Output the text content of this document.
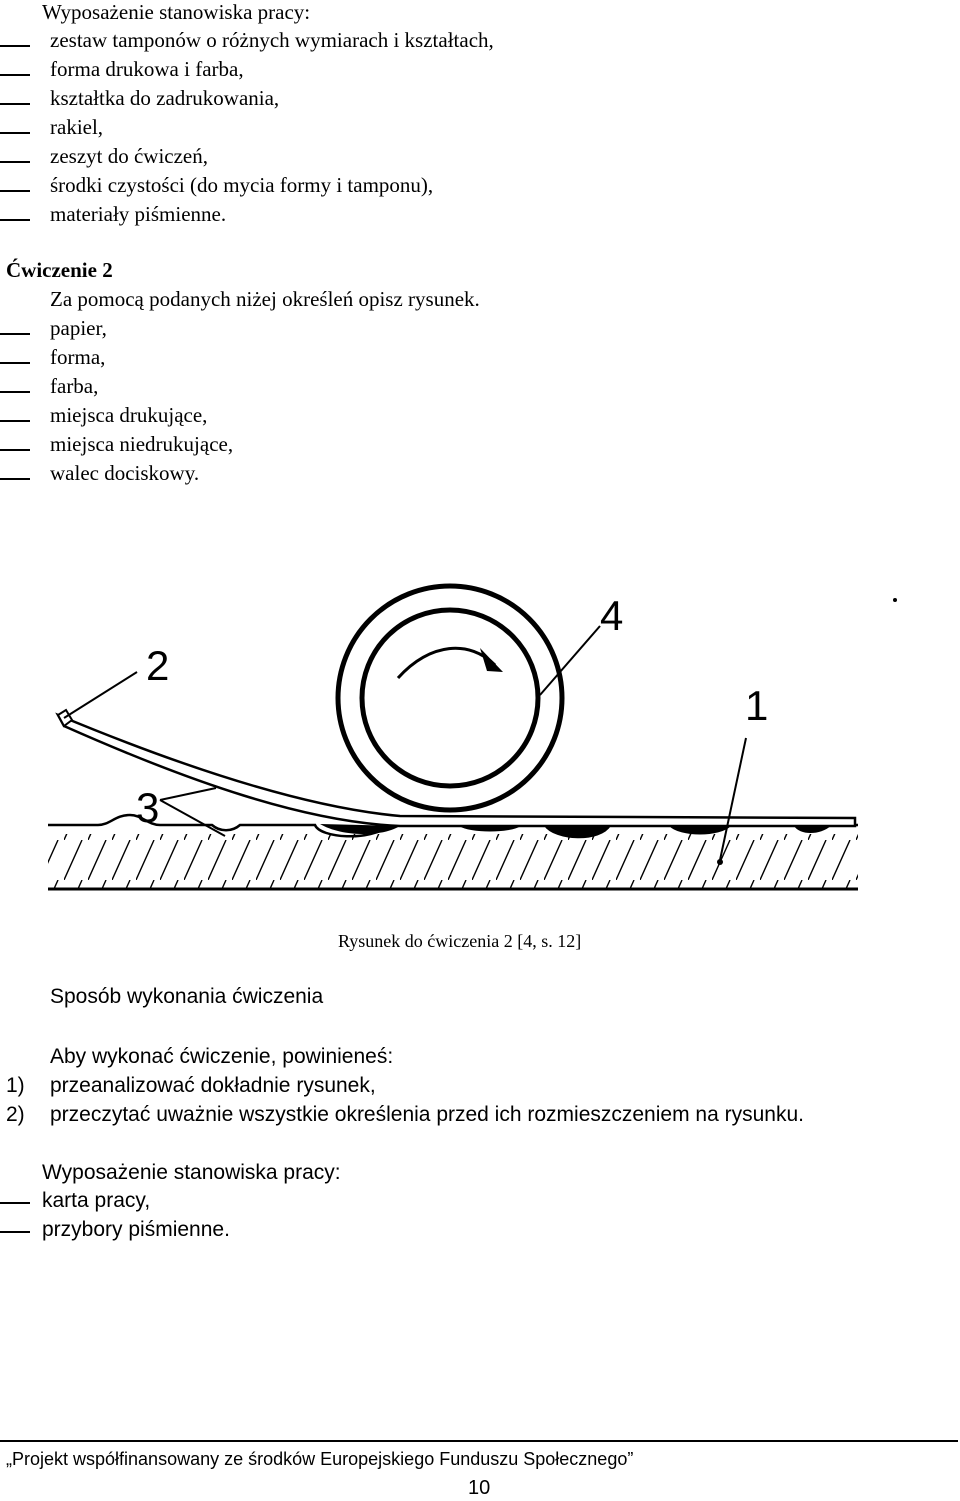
Wyposażenie stanowiska pracy:
zestaw tamponów o różnych wymiarach i kształtach,
forma drukowa i farba,
kształtka do zadrukowania,
rakiel,
zeszyt do ćwiczeń,
środki czystości (do mycia formy i tamponu),
materiały piśmienne.
Ćwiczenie 2
Za pomocą podanych niżej określeń opisz rysunek.
papier,
forma,
farba,
miejsca drukujące,
miejsca niedrukujące,
walec dociskowy.
1
2
3
4
Rysunek do ćwiczenia 2 [4, s. 12]
Sposób wykonania ćwiczenia
Aby wykonać ćwiczenie, powinieneś:
1) przeanalizować dokładnie rysunek,
2) przeczytać uważnie wszystkie określenia przed ich rozmieszczeniem na rysunku.
Wyposażenie stanowiska pracy:
karta pracy,
przybory piśmienne.
„Projekt współfinansowany ze środków Europejskiego Funduszu Społecznego”
10
